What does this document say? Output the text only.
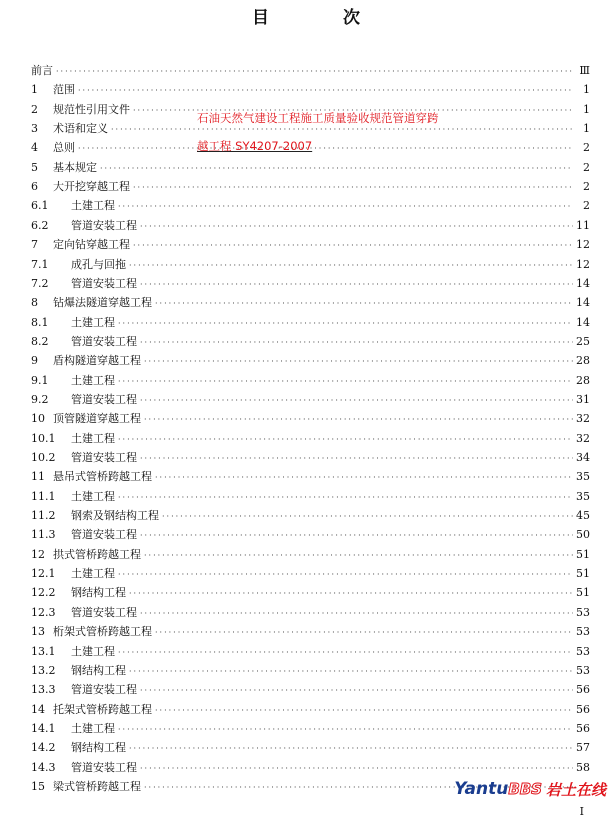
目 次
前言 ·····	Ⅲ
1	范围 ·····	1
2	规范性引用文件 ·····	1
3	术语和定义 ·····	1
4	总则 ·····	2
5	基本规定 ·····	2
6	大开挖穿越工程 ·····	2
6.1	土建工程 ·····	2
6.2	管道安装工程 ·····	11
7	定向钻穿越工程 ·····	12
7.1	成孔与回拖 ·····	12
7.2	管道安装工程 ·····	14
8	钻爆法隧道穿越工程 ·····	14
8.1	土建工程 ·····	14
8.2	管道安装工程 ·····	25
9	盾构隧道穿越工程 ·····	28
9.1	土建工程 ·····	28
9.2	管道安装工程 ·····	31
10 顶管隧道穿越工程 ·····	32
10.1	土建工程 ·····	32
10.2	管道安装工程 ·····	34
11 悬吊式管桥跨越工程 ·····	35
11.1	土建工程 ·····	35
11.2	钢索及钢结构工程 ·····	45
11.3	管道安装工程 ·····	50
12 拱式管桥跨越工程 ·····	51
12.1	土建工程 ·····	51
12.2	钢结构工程 ·····	51
12.3	管道安装工程 ·····	53
13 桁架式管桥跨越工程 ·····	53
13.1	土建工程 ·····	53
13.2	钢结构工程 ·····	53
13.3	管道安装工程 ·····	56
14 托架式管桥跨越工程 ·····	56
14.1	土建工程 ·····	56
14.2	钢结构工程 ·····	57
14.3	管道安装工程 ·····	58
15 梁式管桥跨越工程
·····
石油天然气建设工程施工质量验收规范管道穿跨
越工程 SY4207-2007
Yantu BBS 岩土在线
I
